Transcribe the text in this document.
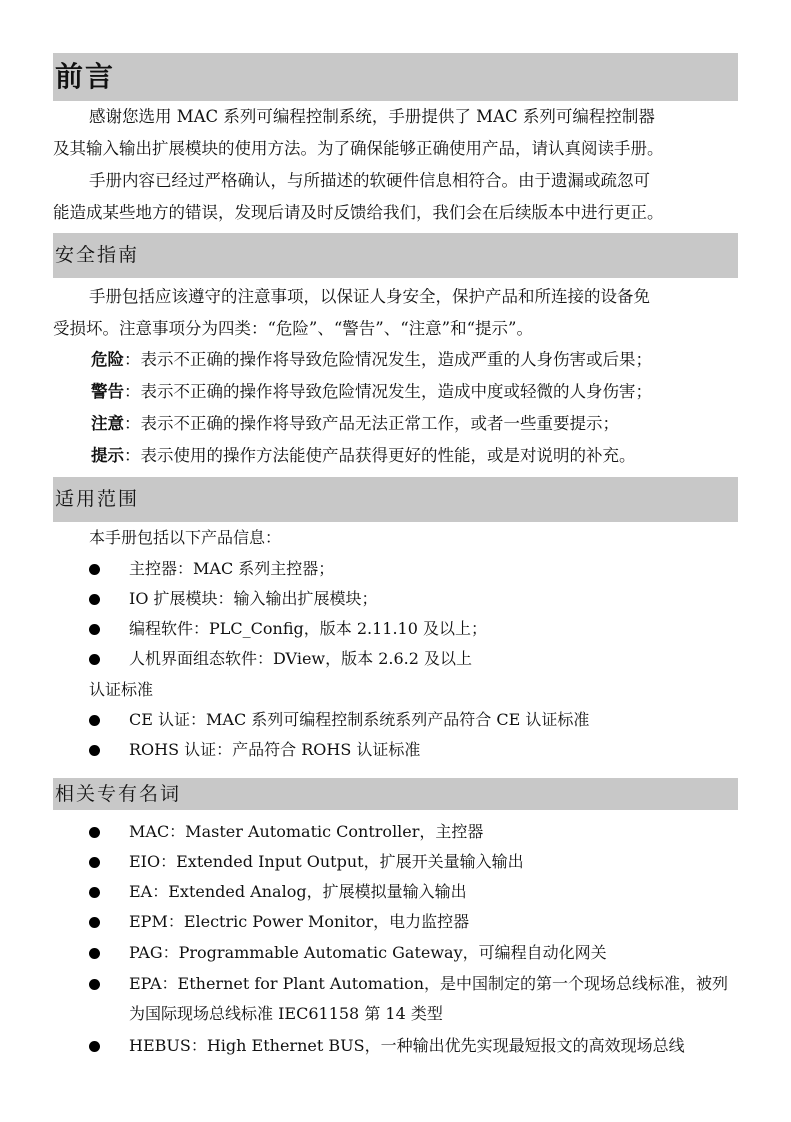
前言
感谢您选用 MAC 系列可编程控制系统，手册提供了 MAC 系列可编程控制器
及其输入输出扩展模块的使用方法。为了确保能够正确使用产品，请认真阅读手册。
手册内容已经过严格确认，与所描述的软硬件信息相符合。由于遗漏或疏忽可
能造成某些地方的错误，发现后请及时反馈给我们，我们会在后续版本中进行更正。
安全指南
手册包括应该遵守的注意事项，以保证人身安全，保护产品和所连接的设备免
受损坏。注意事项分为四类：“危险”、“警告”、“注意”和“提示”。
危险：表示不正确的操作将导致危险情况发生，造成严重的人身伤害或后果；
警告：表示不正确的操作将导致危险情况发生，造成中度或轻微的人身伤害；
注意：表示不正确的操作将导致产品无法正常工作，或者一些重要提示；
提示：表示使用的操作方法能使产品获得更好的性能，或是对说明的补充。
适用范围
本手册包括以下产品信息：
主控器：MAC 系列主控器；
IO 扩展模块：输入输出扩展模块；
编程软件：PLC_Config，版本 2.11.10 及以上；
人机界面组态软件：DView，版本 2.6.2 及以上
认证标准
CE 认证：MAC 系列可编程控制系统系列产品符合 CE 认证标准
ROHS 认证：产品符合 ROHS 认证标准
相关专有名词
MAC：Master Automatic Controller，主控器
EIO：Extended Input Output，扩展开关量输入输出
EA：Extended Analog，扩展模拟量输入输出
EPM：Electric Power Monitor，电力监控器
PAG：Programmable Automatic Gateway，可编程自动化网关
EPA：Ethernet for Plant Automation，是中国制定的第一个现场总线标准，被列
为国际现场总线标准 IEC61158 第 14 类型
HEBUS：High Ethernet BUS，一种输出优先实现最短报文的高效现场总线
